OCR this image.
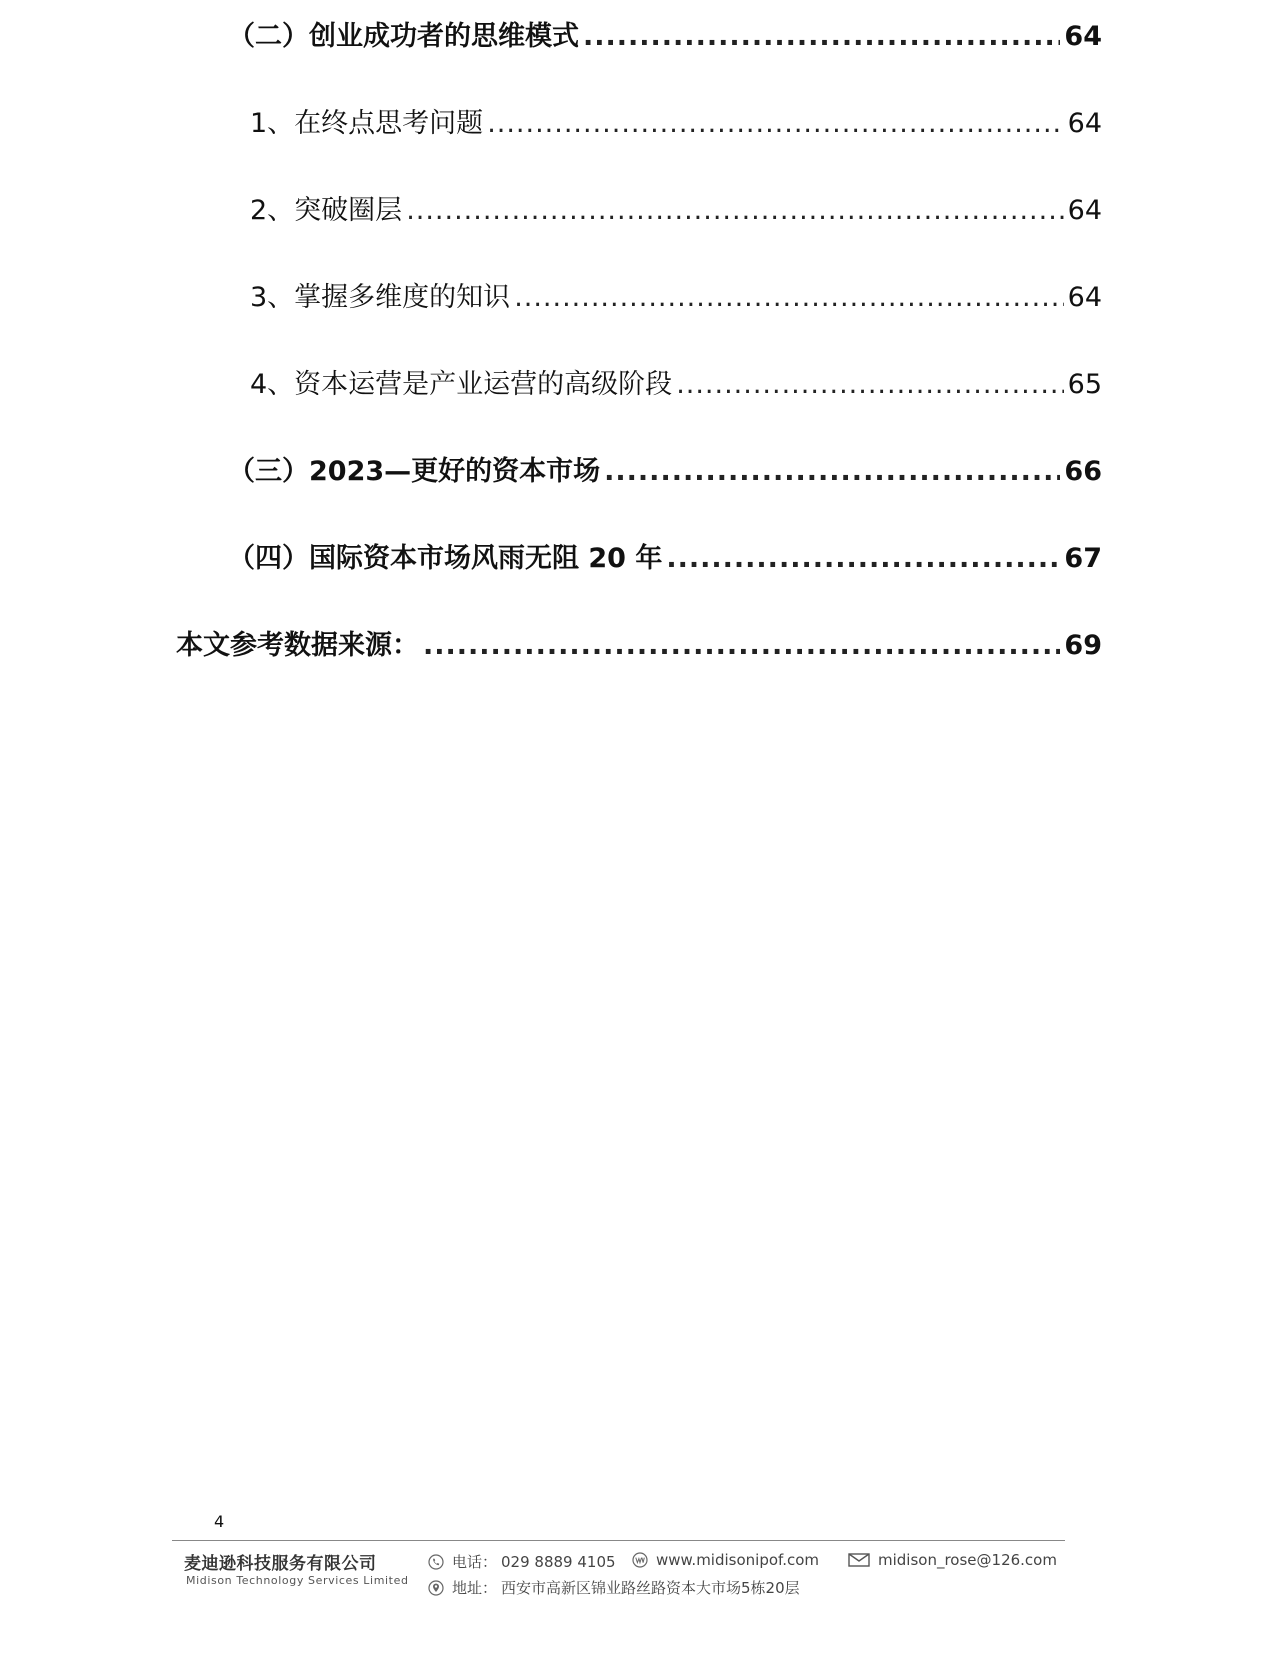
（二）创业成功者的思维模式 .....	64
1、在终点思考问题 .....	64
2、突破圈层 .....	64
3、掌握多维度的知识 .....	64
4、资本运营是产业运营的高级阶段 .....	65
（三）2023—更好的资本市场 .....	66
（四）国际资本市场风雨无阻 20 年 .....	67
本文参考数据来源： .....	69
4
麦迪逊科技服务有限公司
Midison Technology Services Limited
电话： 029 8889 4105	www.midisonipof.com	midison_rose@126.com
地址： 西安市高新区锦业路丝路资本大市场5栋20层
